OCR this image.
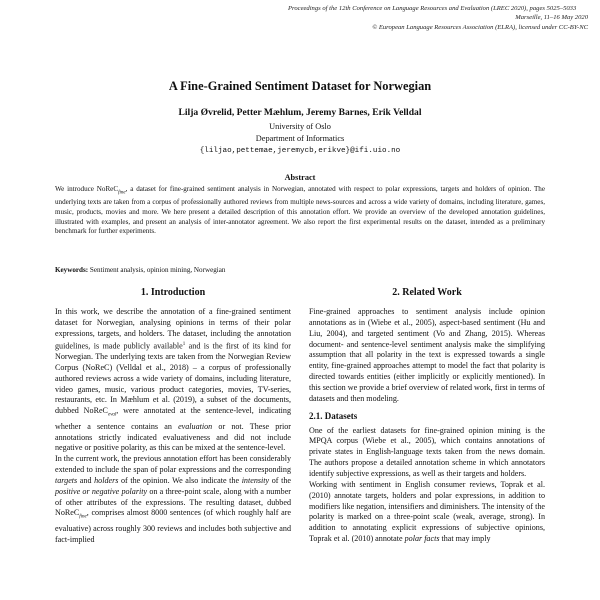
Proceedings of the 12th Conference on Language Resources and Evaluation (LREC 2020), pages 5025–5033
Marseille, 11–16 May 2020
© European Language Resources Association (ELRA), licensed under CC-BY-NC
A Fine-Grained Sentiment Dataset for Norwegian
Lilja Øvrelid, Petter Mæhlum, Jeremy Barnes, Erik Velldal
University of Oslo
Department of Informatics
{liljao,pettemae,jeremycb,erikve}@ifi.uio.no
Abstract

We introduce NoReC$_{fine}$, a dataset for fine-grained sentiment analysis in Norwegian, annotated with respect to polar expressions, targets and holders of opinion. The underlying texts are taken from a corpus of professionally authored reviews from multiple news-sources and across a wide variety of domains, including literature, games, music, products, movies and more. We here present a detailed description of this annotation effort. We provide an overview of the developed annotation guidelines, illustrated with examples, and present an analysis of inter-annotator agreement. We also report the first experimental results on the dataset, intended as a preliminary benchmark for further experiments.

Keywords: Sentiment analysis, opinion mining, Norwegian

1. Introduction

In this work, we describe the annotation of a fine-grained sentiment dataset for Norwegian, analysing opinions in terms of their polar expressions, targets, and holders. The dataset, including the annotation guidelines, is made publicly available$^1$ and is the first of its kind for Norwegian. The underlying texts are taken from the Norwegian Review Corpus (NoReC) (Velldal et al., 2018) – a corpus of professionally authored reviews across a wide variety of domains, including literature, video games, music, various product categories, movies, TV-series, restaurants, etc. In Mæhlum et al. (2019), a subset of the documents, dubbed NoReC$_{eval}$, were annotated at the sentence-level, indicating whether a sentence contains an evaluation or not. These prior annotations strictly indicated evaluativeness and did not include negative or positive polarity, as this can be mixed at the sentence-level.

In the current work, the previous annotation effort has been considerably extended to include the span of polar expressions and the corresponding targets and holders of the opinion. We also indicate the intensity of the positive or negative polarity on a three-point scale, along with a number of other attributes of the expressions. The resulting dataset, dubbed NoReC$_{fine}$, comprises almost 8000 sentences (of which roughly half are evaluative) across roughly 300 reviews and includes both subjective and fact-implied

2. Related Work

Fine-grained approaches to sentiment analysis include opinion annotations as in (Wiebe et al., 2005), aspect-based sentiment (Hu and Liu, 2004), and targeted sentiment (Vo and Zhang, 2015). Whereas document- and sentence-level sentiment analysis make the simplifying assumption that all polarity in the text is expressed towards a single entity, fine-grained approaches attempt to model the fact that polarity is directed towards entities (either implicitly or explicitly mentioned). In this section we provide a brief overview of related work, first in terms of datasets and then modeling.

2.1. Datasets

One of the earliest datasets for fine-grained opinion mining is the MPQA corpus (Wiebe et al., 2005), which contains annotations of private states in English-language texts taken from the news domain. The authors propose a detailed annotation scheme in which annotators identify subjective expressions, as well as their targets and holders.

Working with sentiment in English consumer reviews, Toprak et al. (2010) annotate targets, holders and polar expressions, in addition to modifiers like negation, intensifiers and diminishers. The intensity of the polarity is marked on a three-point scale (weak, average, strong). In addition to annotating explicit expressions of subjective opinions, Toprak et al. (2010) annotate polar facts that may imply
